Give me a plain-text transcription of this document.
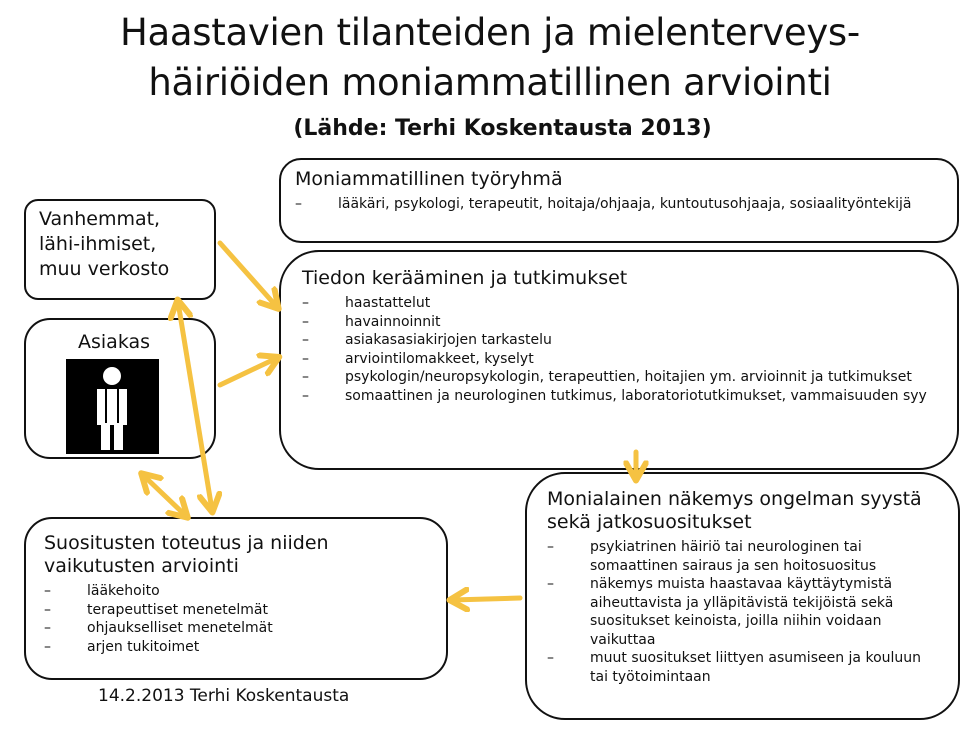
Haastavien tilanteiden ja mielenterveys-
häiriöiden moniammatillinen arviointi
(Lähde: Terhi Koskentausta 2013)
Moniammatillinen työryhmä
– lääkäri, psykologi, terapeutit, hoitaja/ohjaaja, kuntoutusohjaaja, sosiaalityöntekijä
Vanhemmat,
lähi-ihmiset,
muu verkosto
Asiakas
Tiedon kerääminen ja tutkimukset
– haastattelut
– havainnoinnit
– asiakasasiakirjojen tarkastelu
– arviointilomakkeet, kyselyt
– psykologin/neuropsykologin, terapeuttien, hoitajien ym. arvioinnit ja tutkimukset
– somaattinen ja neurologinen tutkimus, laboratoriotutkimukset, vammaisuuden syy
Monialainen näkemys ongelman syystä sekä jatkosuositukset
– psykiatrinen häiriö tai neurologinen tai somaattinen sairaus ja sen hoitosuositus
– näkemys muista haastavaa käyttäytymistä aiheuttavista ja ylläpitävistä tekijöistä sekä suositukset keinoista, joilla niihin voidaan vaikuttaa
– muut suositukset liittyen asumiseen ja kouluun tai työtoimintaan
Suositusten toteutus ja niiden vaikutusten arviointi
– lääkehoito
– terapeuttiset menetelmät
– ohjaukselliset menetelmät
– arjen tukitoimet
14.2.2013 Terhi Koskentausta
